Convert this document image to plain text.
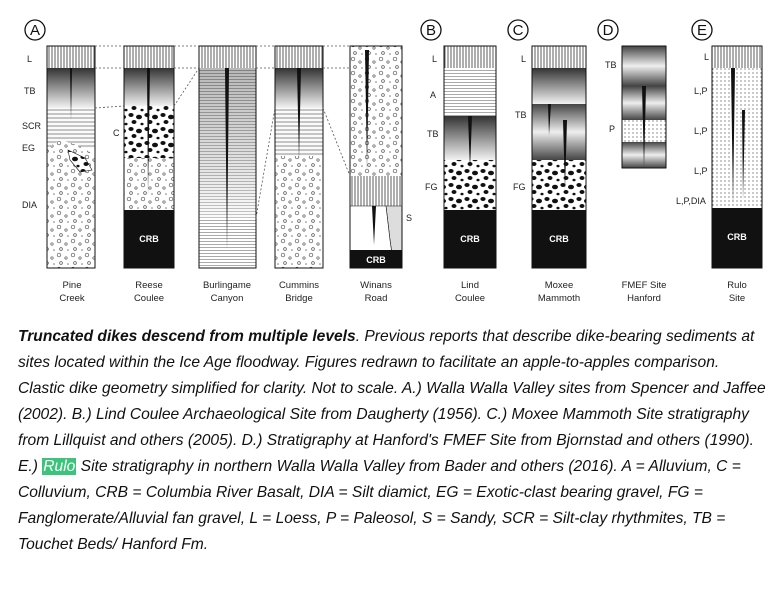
A	B	C	D	E
L
TB
SCR
EG
DIA
C
CRB
CRB
S
L
A
TB
FG
CRB
L
TB
FG
CRB
TB
P
L
L,P
L,P
L,P
L,P,DIA
CRB
Pine
Creek
Reese
Coulee
Burlingame
Canyon
Cummins
Bridge
Winans
Road
Lind
Coulee
Moxee
Mammoth
FMEF Site
Hanford
Rulo
Site
Truncated dikes descend from multiple levels. Previous reports that describe dike-bearing sediments at sites located within the Ice Age floodway. Figures redrawn to facilitate an apple-to-apples comparison. Clastic dike geometry simplified for clarity. Not to scale. A.) Walla Walla Valley sites from Spencer and Jaffee (2002). B.) Lind Coulee Archaeological Site from Daugherty (1956). C.) Moxee Mammoth Site stratigraphy from Lillquist and others (2005). D.) Stratigraphy at Hanford's FMEF Site from Bjornstad and others (1990). E.) Rulo Site stratigraphy in northern Walla Walla Valley from Bader and others (2016). A = Alluvium, C = Colluvium, CRB = Columbia River Basalt, DIA = Silt diamict, EG = Exotic-clast bearing gravel, FG = Fanglomerate/Alluvial fan gravel, L = Loess, P = Paleosol, S = Sandy, SCR = Silt-clay rhythmites, TB = Touchet Beds/ Hanford Fm.
